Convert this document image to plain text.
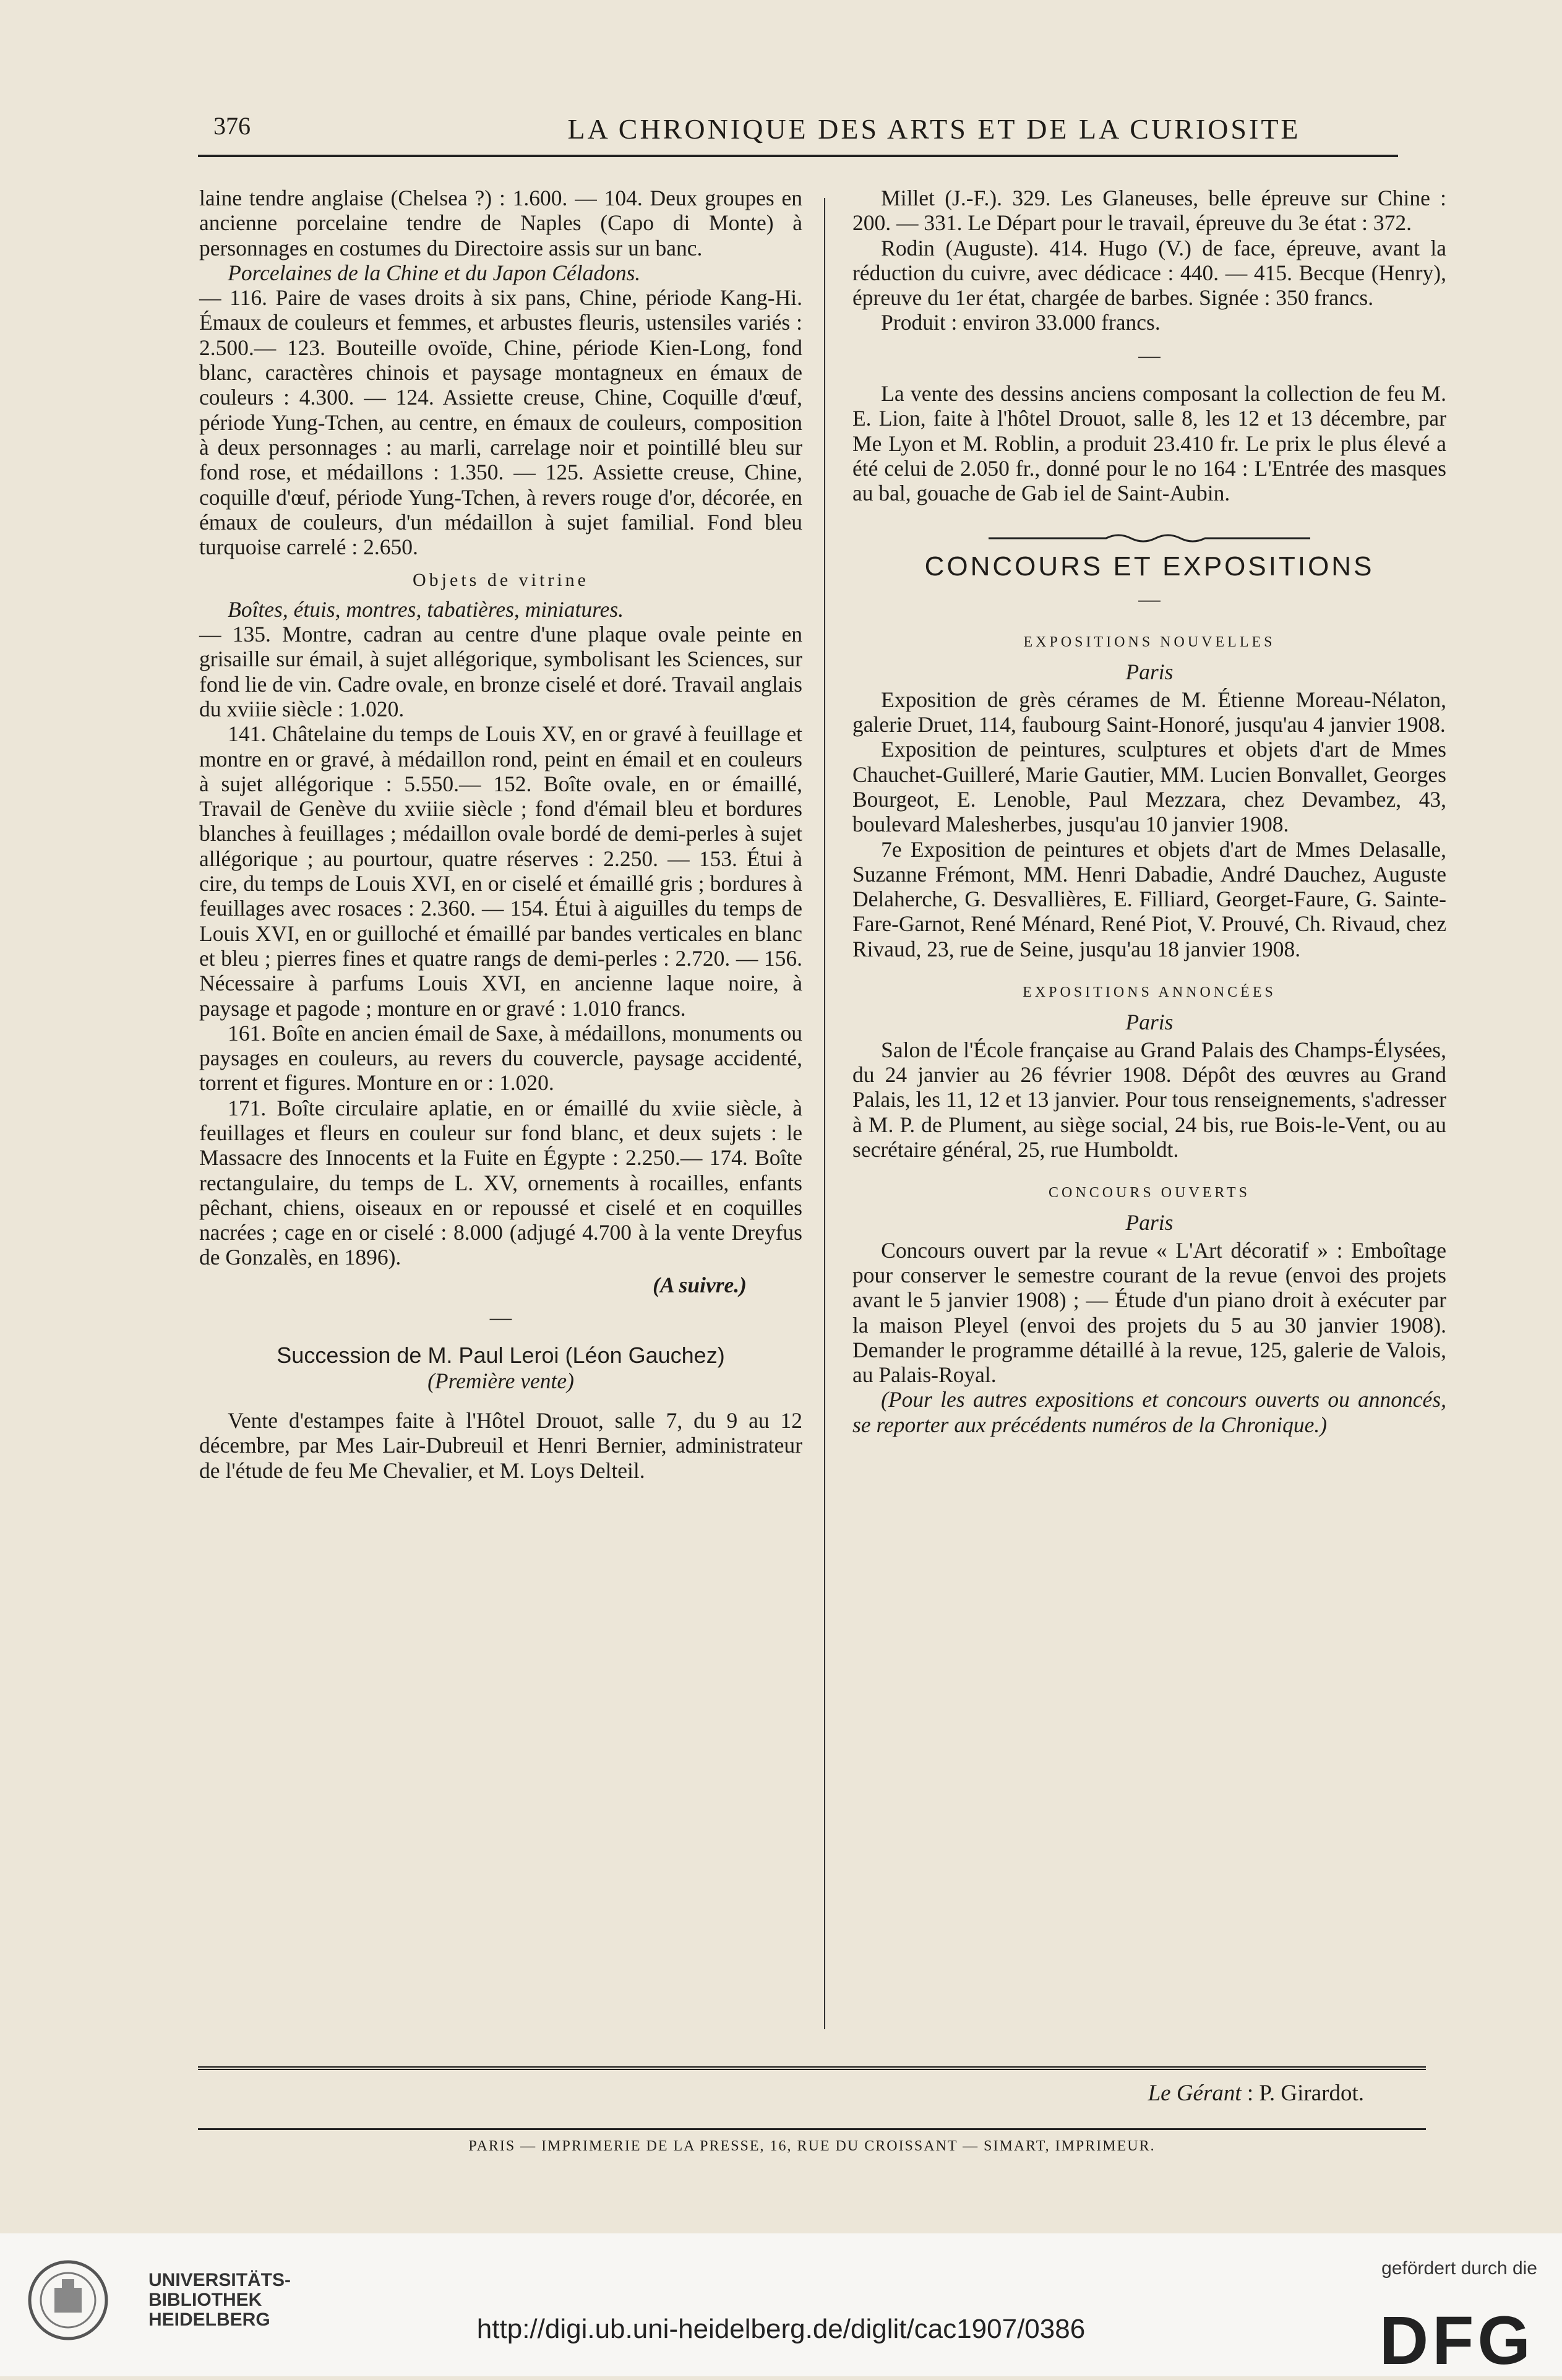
376	LA CHRONIQUE DES ARTS ET DE LA CURIOSITE

laine tendre anglaise (Chelsea ?) : 1.600. — 104. Deux groupes en ancienne porcelaine tendre de Naples (Capo di Monte) à personnages en costumes du Directoire assis sur un banc.

Porcelaines de la Chine et du Japon Céladons.

— 116. Paire de vases droits à six pans, Chine, période Kang-Hi. Émaux de couleurs et femmes, et arbustes fleuris, ustensiles variés : 2.500.— 123. Bouteille ovoïde, Chine, période Kien-Long, fond blanc, caractères chinois et paysage montagneux en émaux de couleurs : 4.300. — 124. Assiette creuse, Chine, Coquille d'œuf, période Yung-Tchen, au centre, en émaux de couleurs, composition à deux personnages : au marli, carrelage noir et pointillé bleu sur fond rose, et médaillons : 1.350. — 125. Assiette creuse, Chine, coquille d'œuf, période Yung-Tchen, à revers rouge d'or, décorée, en émaux de couleurs, d'un médaillon à sujet familial. Fond bleu turquoise carrelé : 2.650.

Objets de vitrine

Boîtes, étuis, montres, tabatières, miniatures.

— 135. Montre, cadran au centre d'une plaque ovale peinte en grisaille sur émail, à sujet allégorique, symbolisant les Sciences, sur fond lie de vin. Cadre ovale, en bronze ciselé et doré. Travail anglais du xviiie siècle : 1.020.

141. Châtelaine du temps de Louis XV, en or gravé à feuillage et montre en or gravé, à médaillon rond, peint en émail et en couleurs à sujet allégorique : 5.550.— 152. Boîte ovale, en or émaillé, Travail de Genève du xviiie siècle ; fond d'émail bleu et bordures blanches à feuillages ; médaillon ovale bordé de demi-perles à sujet allégorique ; au pourtour, quatre réserves : 2.250. — 153. Étui à cire, du temps de Louis XVI, en or ciselé et émaillé gris ; bordures à feuillages avec rosaces : 2.360. — 154. Étui à aiguilles du temps de Louis XVI, en or guilloché et émaillé par bandes verticales en blanc et bleu ; pierres fines et quatre rangs de demi-perles : 2.720. — 156. Nécessaire à parfums Louis XVI, en ancienne laque noire, à paysage et pagode ; monture en or gravé : 1.010 francs.

161. Boîte en ancien émail de Saxe, à médaillons, monuments ou paysages en couleurs, au revers du couvercle, paysage accidenté, torrent et figures. Monture en or : 1.020.

171. Boîte circulaire aplatie, en or émaillé du xviie siècle, à feuillages et fleurs en couleur sur fond blanc, et deux sujets : le Massacre des Innocents et la Fuite en Égypte : 2.250.— 174. Boîte rectangulaire, du temps de L. XV, ornements à rocailles, enfants pêchant, chiens, oiseaux en or repoussé et ciselé et en coquilles nacrées ; cage en or ciselé : 8.000 (adjugé 4.700 à la vente Dreyfus de Gonzalès, en 1896).

(A suivre.)
—
Succession de M. Paul Leroi (Léon Gauchez)
(Première vente)

Vente d'estampes faite à l'Hôtel Drouot, salle 7, du 9 au 12 décembre, par Mes Lair-Dubreuil et Henri Bernier, administrateur de l'étude de feu Me Chevalier, et M. Loys Delteil.

Millet (J.-F.). 329. Les Glaneuses, belle épreuve sur Chine : 200. — 331. Le Départ pour le travail, épreuve du 3e état : 372.

Rodin (Auguste). 414. Hugo (V.) de face, épreuve, avant la réduction du cuivre, avec dédicace : 440. — 415. Becque (Henry), épreuve du 1er état, chargée de barbes. Signée : 350 francs.

Produit : environ 33.000 francs.

—

La vente des dessins anciens composant la collection de feu M. E. Lion, faite à l'hôtel Drouot, salle 8, les 12 et 13 décembre, par Me Lyon et M. Roblin, a produit 23.410 fr. Le prix le plus élevé a été celui de 2.050 fr., donné pour le no 164 : L'Entrée des masques au bal, gouache de Gab iel de Saint-Aubin.

CONCOURS ET EXPOSITIONS
—
EXPOSITIONS NOUVELLES
Paris

Exposition de grès cérames de M. Étienne Moreau-Nélaton, galerie Druet, 114, faubourg Saint-Honoré, jusqu'au 4 janvier 1908.

Exposition de peintures, sculptures et objets d'art de Mmes Chauchet-Guilleré, Marie Gautier, MM. Lucien Bonvallet, Georges Bourgeot, E. Lenoble, Paul Mezzara, chez Devambez, 43, boulevard Malesherbes, jusqu'au 10 janvier 1908.

7e Exposition de peintures et objets d'art de Mmes Delasalle, Suzanne Frémont, MM. Henri Dabadie, André Dauchez, Auguste Delaherche, G. Desvallières, E. Filliard, Georget-Faure, G. Sainte-Fare-Garnot, René Ménard, René Piot, V. Prouvé, Ch. Rivaud, chez Rivaud, 23, rue de Seine, jusqu'au 18 janvier 1908.

EXPOSITIONS ANNONCÉES
Paris

Salon de l'École française au Grand Palais des Champs-Élysées, du 24 janvier au 26 février 1908. Dépôt des œuvres au Grand Palais, les 11, 12 et 13 janvier. Pour tous renseignements, s'adresser à M. P. de Plument, au siège social, 24 bis, rue Bois-le-Vent, ou au secrétaire général, 25, rue Humboldt.

CONCOURS OUVERTS
Paris

Concours ouvert par la revue « L'Art décoratif » : Emboîtage pour conserver le semestre courant de la revue (envoi des projets avant le 5 janvier 1908) ; — Étude d'un piano droit à exécuter par la maison Pleyel (envoi des projets du 5 au 30 janvier 1908). Demander le programme détaillé à la revue, 125, galerie de Valois, au Palais-Royal.

(Pour les autres expositions et concours ouverts ou annoncés, se reporter aux précédents numéros de la Chronique.)

Le Gérant : P. Girardot.
PARIS — IMPRIMERIE DE LA PRESSE, 16, RUE DU CROISSANT — SIMART, IMPRIMEUR.
UNIVERSITÄTS-
BIBLIOTHEK
HEIDELBERG	http://digi.ub.uni-heidelberg.de/diglit/cac1907/0386
gefördert durch die
DFG
